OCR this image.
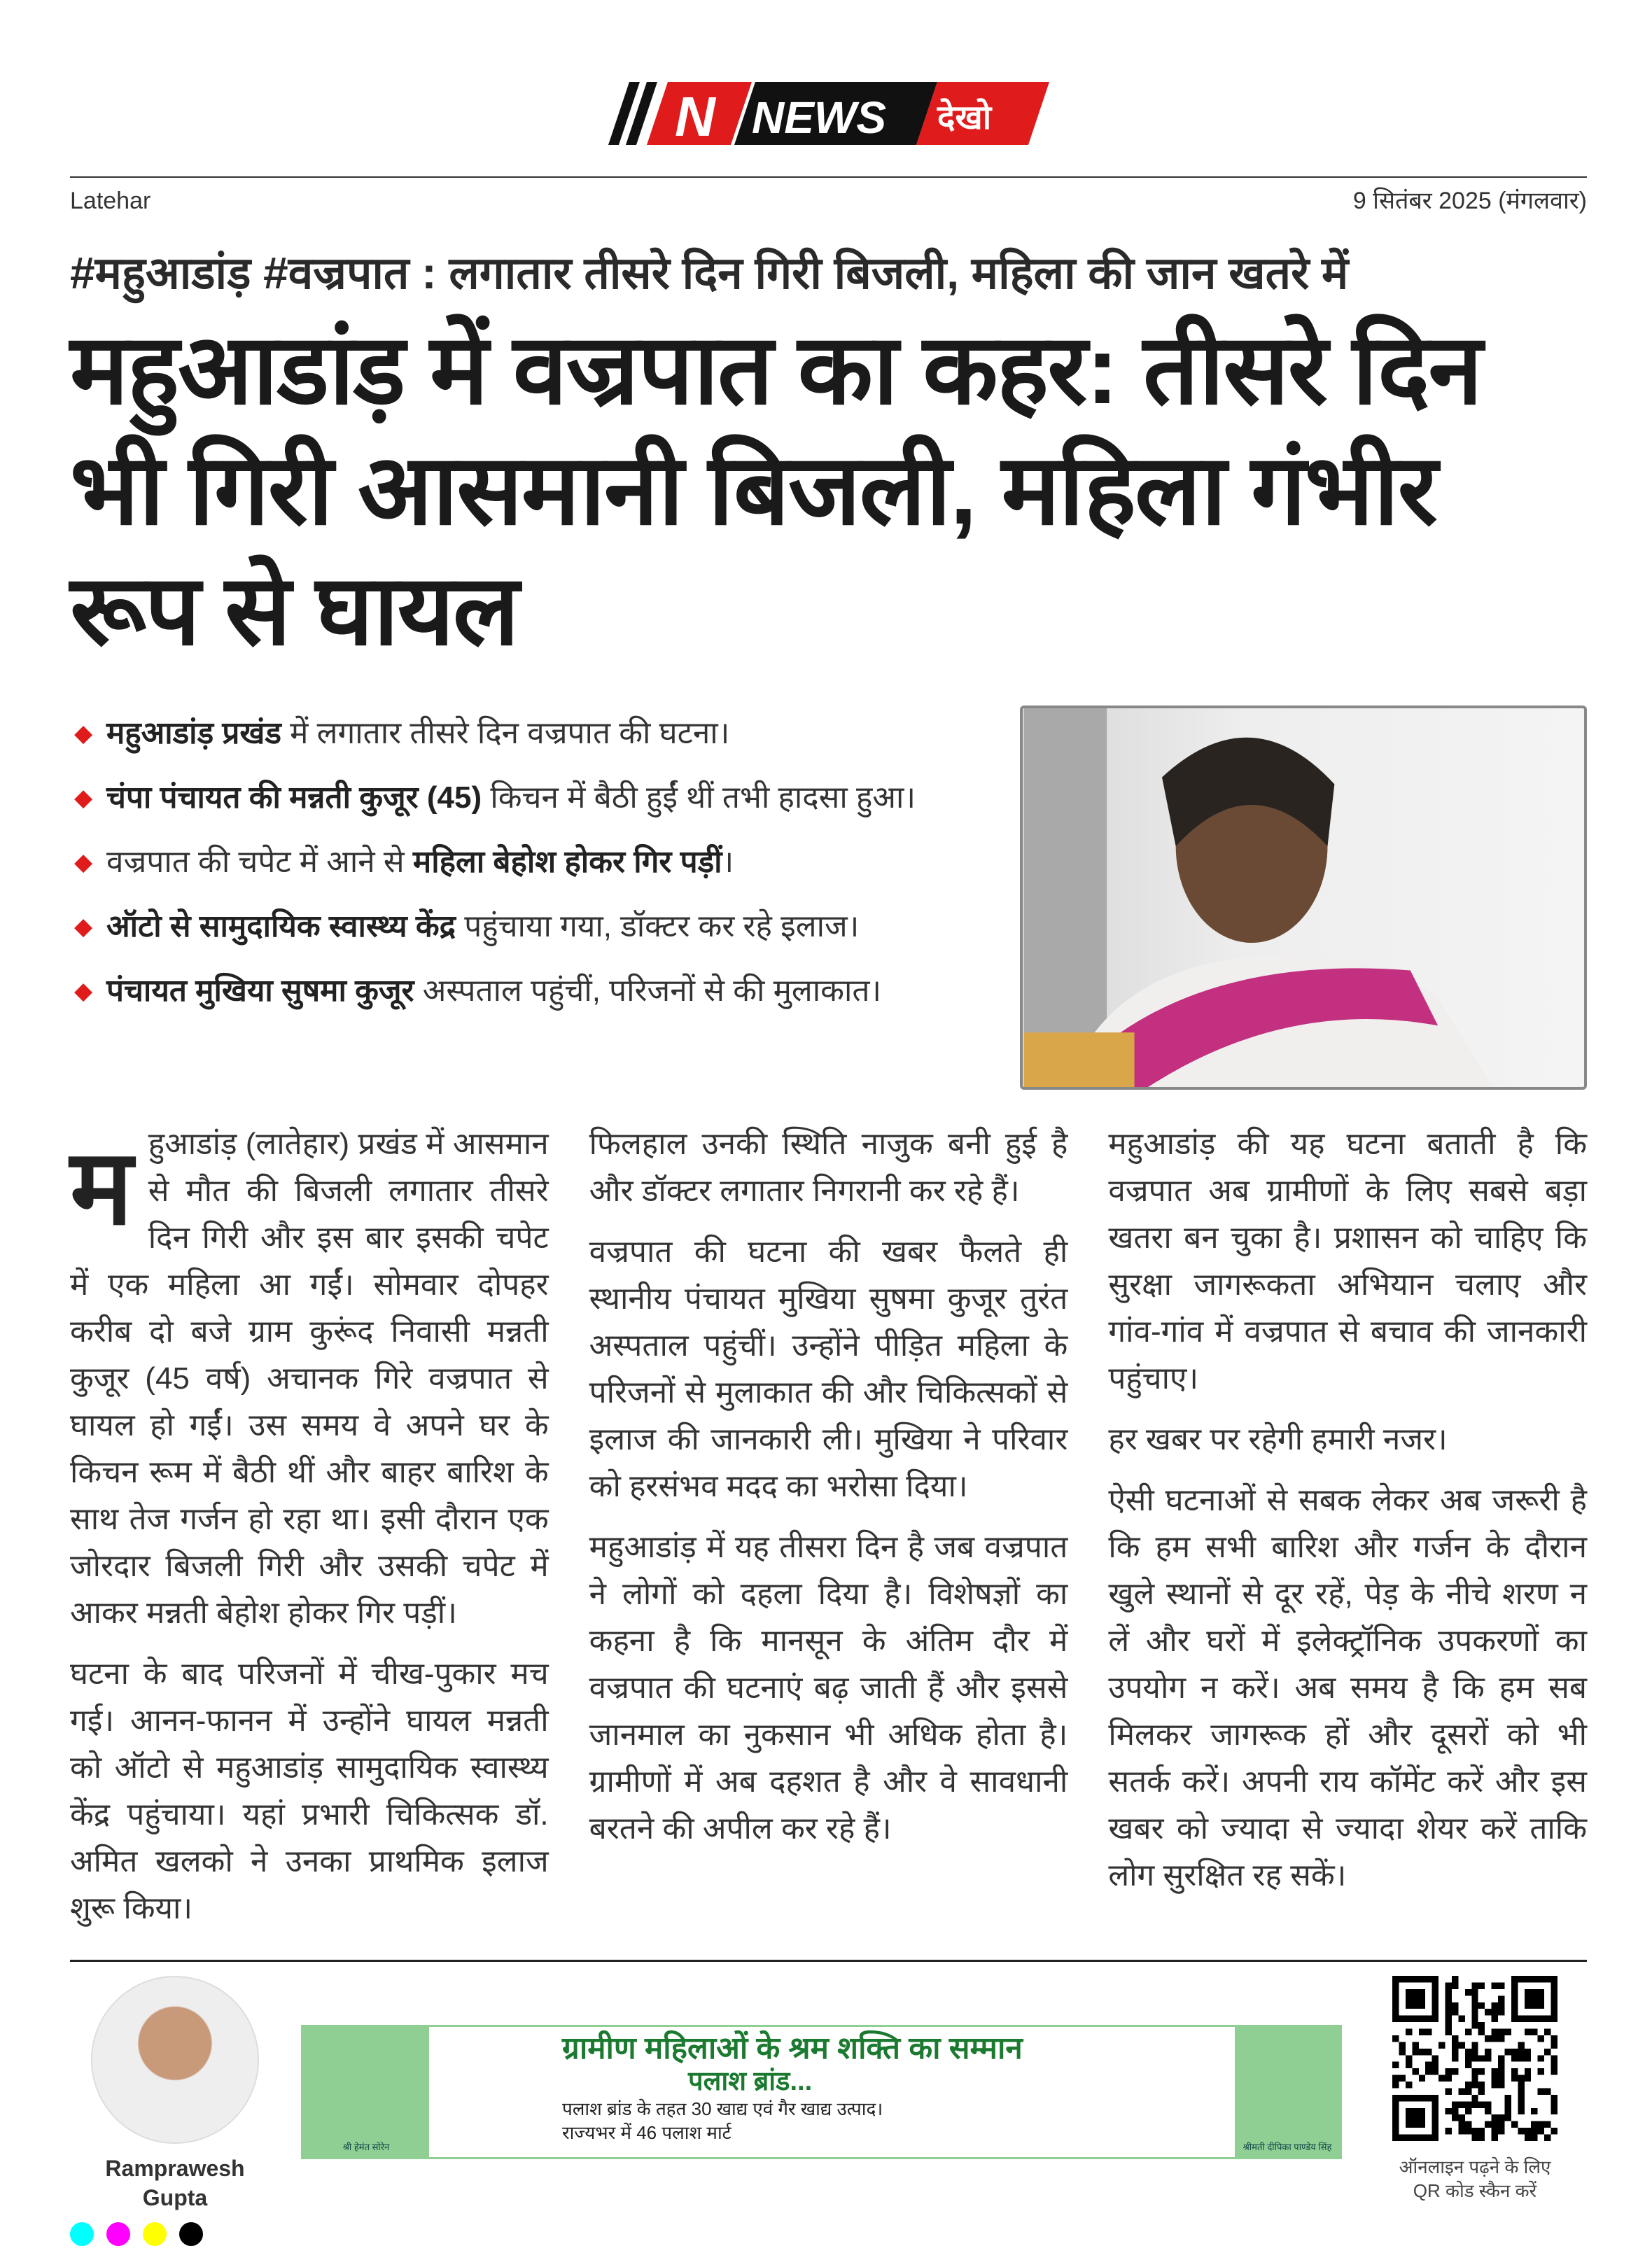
N NEWS देखो
Latehar	9 सितंबर 2025 (मंगलवार)
#महुआडांड़ #वज्रपात : लगातार तीसरे दिन गिरी बिजली, महिला की जान खतरे में
महुआडांड़ में वज्रपात का कहर: तीसरे दिन भी गिरी आसमानी बिजली, महिला गंभीर रूप से घायल
◆ महुआडांड़ प्रखंड में लगातार तीसरे दिन वज्रपात की घटना।
◆ चंपा पंचायत की मन्नती कुजूर (45) किचन में बैठी हुईं थीं तभी हादसा हुआ।
◆ वज्रपात की चपेट में आने से महिला बेहोश होकर गिर पड़ीं।
◆ ऑटो से सामुदायिक स्वास्थ्य केंद्र पहुंचाया गया, डॉक्टर कर रहे इलाज।
◆ पंचायत मुखिया सुषमा कुजूर अस्पताल पहुंचीं, परिजनों से की मुलाकात।

महुआडांड़ (लातेहार) प्रखंड में आसमान से मौत की बिजली लगातार तीसरे दिन गिरी और इस बार इसकी चपेट में एक महिला आ गईं। सोमवार दोपहर करीब दो बजे ग्राम कुरूंद निवासी मन्नती कुजूर (45 वर्ष) अचानक गिरे वज्रपात से घायल हो गईं। उस समय वे अपने घर के किचन रूम में बैठी थीं और बाहर बारिश के साथ तेज गर्जन हो रहा था। इसी दौरान एक जोरदार बिजली गिरी और उसकी चपेट में आकर मन्नती बेहोश होकर गिर पड़ीं।

घटना के बाद परिजनों में चीख-पुकार मच गई। आनन-फानन में उन्होंने घायल मन्नती को ऑटो से महुआडांड़ सामुदायिक स्वास्थ्य केंद्र पहुंचाया। यहां प्रभारी चिकित्सक डॉ. अमित खलको ने उनका प्राथमिक इलाज शुरू किया।

फिलहाल उनकी स्थिति नाजुक बनी हुई है और डॉक्टर लगातार निगरानी कर रहे हैं।

वज्रपात की घटना की खबर फैलते ही स्थानीय पंचायत मुखिया सुषमा कुजूर तुरंत अस्पताल पहुंचीं। उन्होंने पीड़ित महिला के परिजनों से मुलाकात की और चिकित्सकों से इलाज की जानकारी ली। मुखिया ने परिवार को हरसंभव मदद का भरोसा दिया।

महुआडांड़ में यह तीसरा दिन है जब वज्रपात ने लोगों को दहला दिया है। विशेषज्ञों का कहना है कि मानसून के अंतिम दौर में वज्रपात की घटनाएं बढ़ जाती हैं और इससे जानमाल का नुकसान भी अधिक होता है। ग्रामीणों में अब दहशत है और वे सावधानी बरतने की अपील कर रहे हैं।

महुआडांड़ की यह घटना बताती है कि वज्रपात अब ग्रामीणों के लिए सबसे बड़ा खतरा बन चुका है। प्रशासन को चाहिए कि सुरक्षा जागरूकता अभियान चलाए और गांव-गांव में वज्रपात से बचाव की जानकारी पहुंचाए।

हर खबर पर रहेगी हमारी नजर।

ऐसी घटनाओं से सबक लेकर अब जरूरी है कि हम सभी बारिश और गर्जन के दौरान खुले स्थानों से दूर रहें, पेड़ के नीचे शरण न लें और घरों में इलेक्ट्रॉनिक उपकरणों का उपयोग न करें। अब समय है कि हम सब मिलकर जागरूक हों और दूसरों को भी सतर्क करें। अपनी राय कॉमेंट करें और इस खबर को ज्यादा से ज्यादा शेयर करें ताकि लोग सुरक्षित रह सकें।

Ramprawesh Gupta
श्री हेमंत सोरेन
ग्रामीण महिलाओं के श्रम शक्ति का सम्मान
पलाश ब्रांड...
पलाश ब्रांड के तहत 30 खाद्य एवं गैर खाद्य उत्पाद।
राज्यभर में 46 पलाश मार्ट
श्रीमती दीपिका पाण्डेय सिंह
ऑनलाइन पढ़ने के लिए
QR कोड स्कैन करें
